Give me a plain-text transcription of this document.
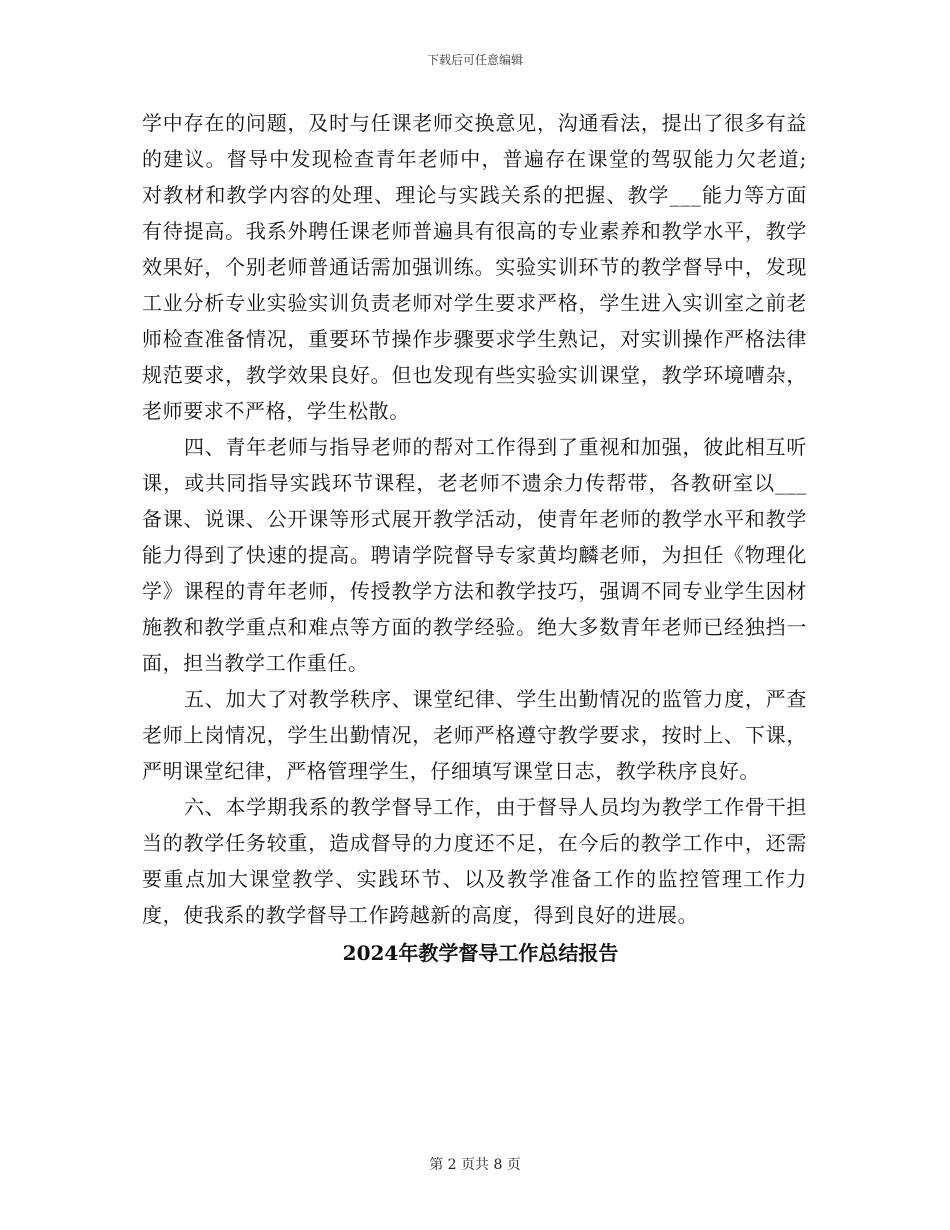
下载后可任意编辑

学中存在的问题，及时与任课老师交换意见，沟通看法，提出了很多有益的建议。督导中发现检查青年老师中，普遍存在课堂的驾驭能力欠老道;对教材和教学内容的处理、理论与实践关系的把握、教学___能力等方面有待提高。我系外聘任课老师普遍具有很高的专业素养和教学水平，教学效果好，个别老师普通话需加强训练。实验实训环节的教学督导中，发现工业分析专业实验实训负责老师对学生要求严格，学生进入实训室之前老师检查准备情况，重要环节操作步骤要求学生熟记，对实训操作严格法律规范要求，教学效果良好。但也发现有些实验实训课堂，教学环境嘈杂，老师要求不严格，学生松散。

四、青年老师与指导老师的帮对工作得到了重视和加强，彼此相互听课，或共同指导实践环节课程，老老师不遗余力传帮带，各教研室以___备课、说课、公开课等形式展开教学活动，使青年老师的教学水平和教学能力得到了快速的提高。聘请学院督导专家黄均麟老师，为担任《物理化学》课程的青年老师，传授教学方法和教学技巧，强调不同专业学生因材施教和教学重点和难点等方面的教学经验。绝大多数青年老师已经独挡一面，担当教学工作重任。

五、加大了对教学秩序、课堂纪律、学生出勤情况的监管力度，严查老师上岗情况，学生出勤情况，老师严格遵守教学要求，按时上、下课，严明课堂纪律，严格管理学生，仔细填写课堂日志，教学秩序良好。

六、本学期我系的教学督导工作，由于督导人员均为教学工作骨干担当的教学任务较重，造成督导的力度还不足，在今后的教学工作中，还需要重点加大课堂教学、实践环节、以及教学准备工作的监控管理工作力度，使我系的教学督导工作跨越新的高度，得到良好的进展。

2024年教学督导工作总结报告

第 2 页共 8 页
